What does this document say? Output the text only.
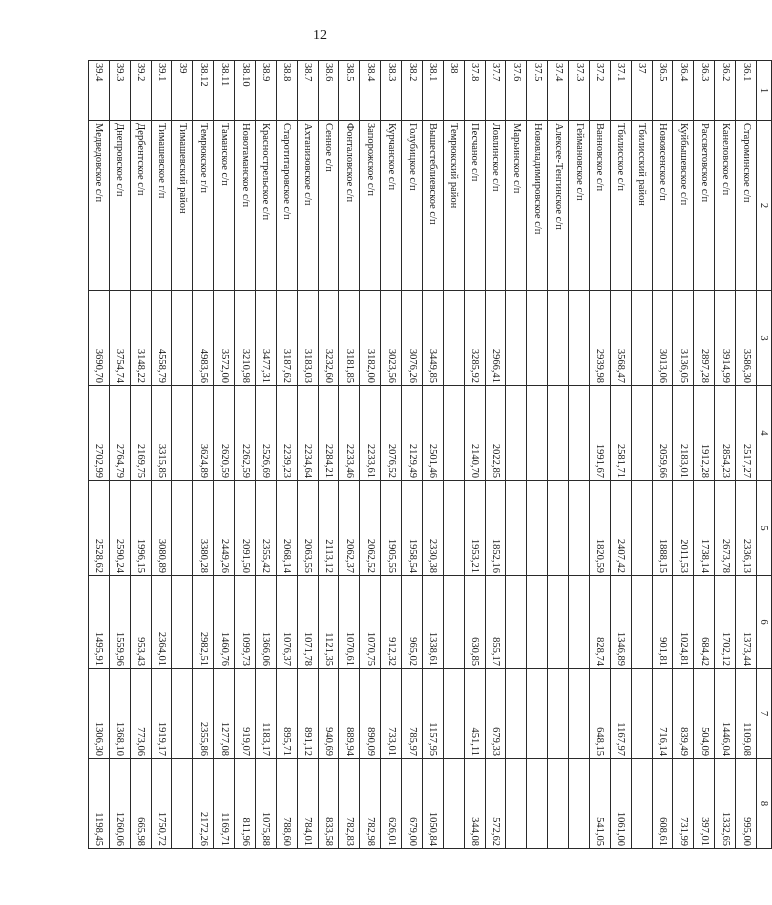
12
1	2	3	4	5	6	7	8
36.1	Староминское с/п	3586,30	2517,27	2336,13	1373,44	1109,08	995,00
36.2	Канеловское с/п	3914,99	2854,23	2673,78	1702,12	1446,04	1332,65
36.3	Рассветовское с/п	2897,28	1912,28	1738,14	684,42	504,09	397,01
36.4	Куйбышевское с/п	3136,05	2183,01	2011,53	1024,81	839,49	731,99
36.5	Новоясенское с/п	3013,06	2059,66	1888,15	901,81	716,14	608,61
37	Тбилисский район						
37.1	Тбилисское с/п	3568,47	2581,71	2407,42	1346,89	1167,97	1061,00
37.2	Ванновское с/п	2939,98	1991,67	1820,59	828,74	648,15	541,05
37.3	Геймановское с/п						
37.4	Алексее-Тенгинское с/п						
37.5	Нововладимировское с/п						
37.6	Марьинское с/п						
37.7	Ловлинское с/п	2966,41	2022,85	1852,16	855,17	679,33	572,62
37.8	Песчаное с/п	3285,92	2140,70	1953,21	630,85	451,11	344,08
38	Темрюкский район						
38.1	Вышестеблиевское с/п	3449,85	2501,46	2330,38	1338,61	1157,95	1050,84
38.2	Голубицкое с/п	3076,26	2129,49	1958,54	965,02	785,97	679,00
38.3	Курчанское с/п	3023,56	2076,52	1905,55	912,32	733,01	626,01
38.4	Запорожское с/п	3182,00	2233,61	2062,52	1070,75	890,09	782,98
38.5	Фонталовское с/п	3181,85	2233,46	2062,37	1070,61	889,94	782,83
38.6	Сенное с/п	3232,60	2284,21	2113,12	1121,35	940,69	833,58
38.7	Ахтанизовское с/п	3183,03	2234,64	2063,55	1071,78	891,12	784,01
38.8	Старотитаровское с/п	3187,62	2239,23	2068,14	1076,37	895,71	788,60
38.9	Краснострельское с/п	3477,31	2526,69	2355,42	1366,06	1183,17	1075,88
38.10	Новотаманское с/п	3210,98	2262,59	2091,50	1099,73	919,07	811,96
38.11	Таманское с/п	3572,00	2620,59	2449,26	1460,76	1277,08	1169,71
38.12	Темрюкское г/п	4983,56	3624,89	3380,28	2982,51	2355,86	2172,26
39	Тимашевский район						
39.1	Тимашевское г/п	4558,79	3315,85	3080,89	2364,01	1919,17	1750,72
39.2	Дербентское с/п	3148,22	2169,75	1996,15	953,43	773,06	665,98
39.3	Днепровское с/п	3754,74	2764,79	2590,24	1559,96	1368,10	1260,06
39.4	Медведовское с/п	3690,70	2702,99	2528,62	1495,91	1306,30	1198,45
